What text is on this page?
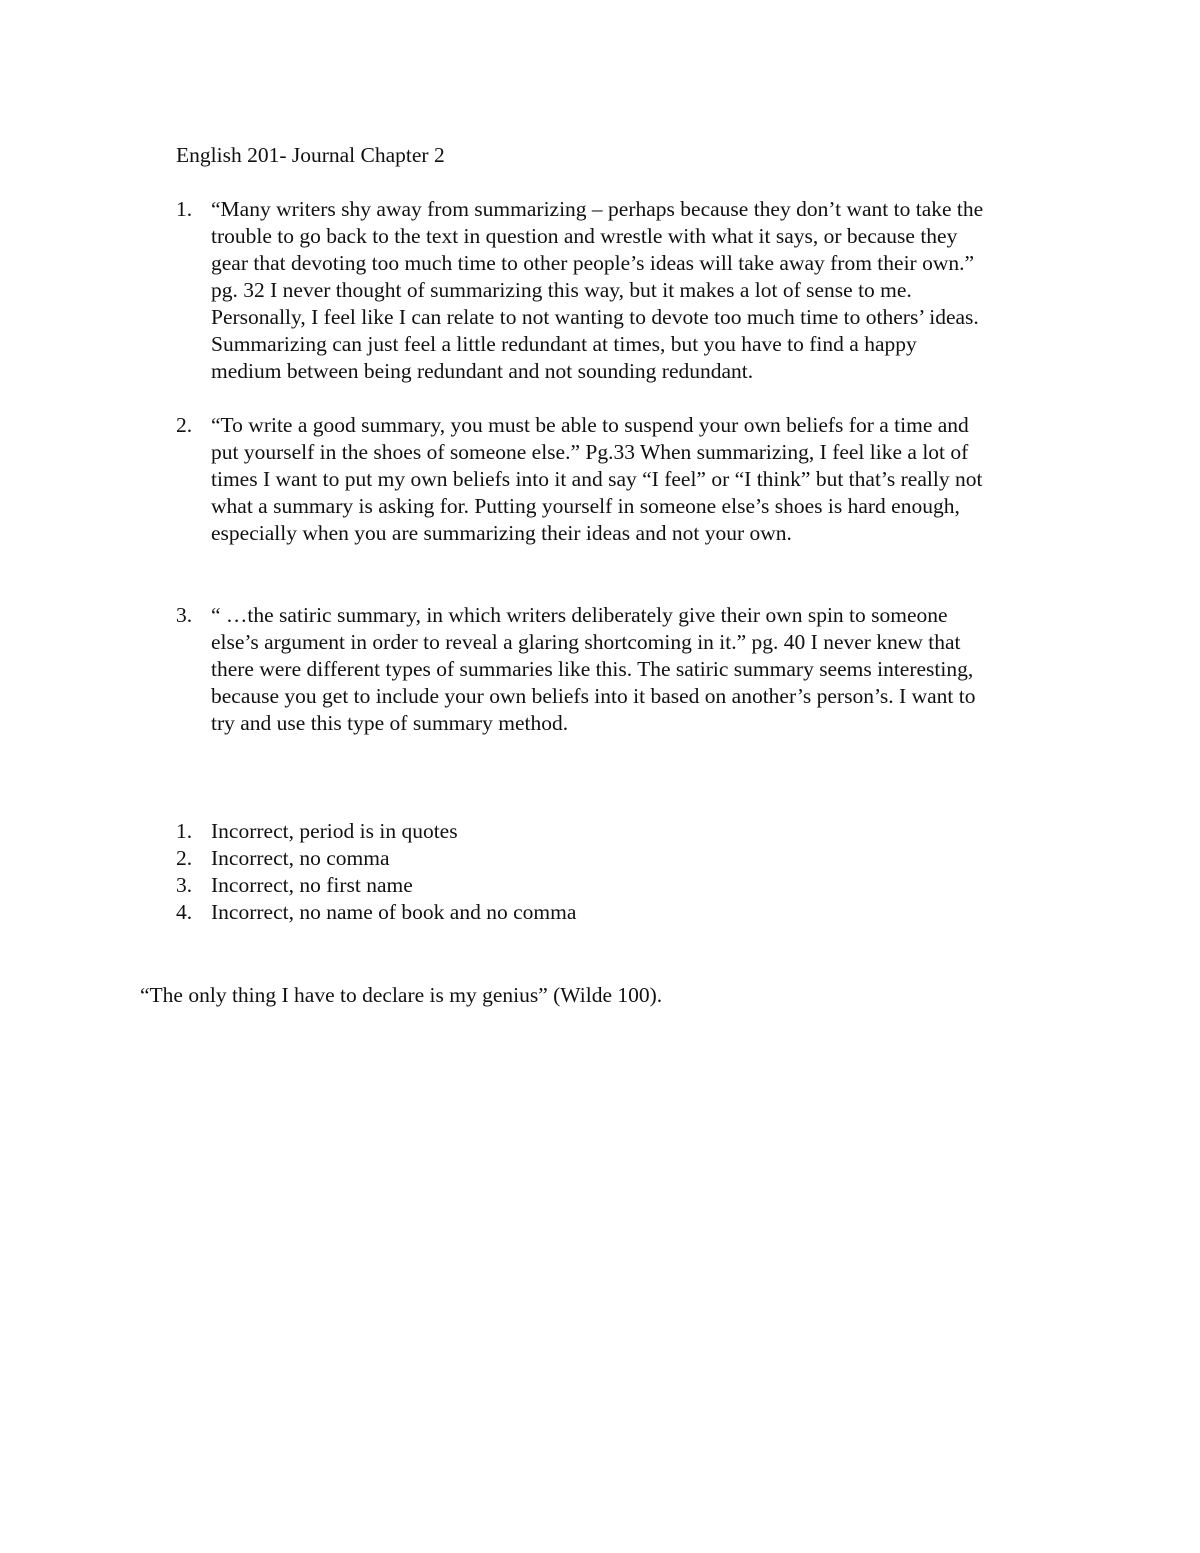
English 201- Journal Chapter 2
1. “Many writers shy away from summarizing – perhaps because they don’t want to take the
trouble to go back to the text in question and wrestle with what it says, or because they
gear that devoting too much time to other people’s ideas will take away from their own.”
pg. 32 I never thought of summarizing this way, but it makes a lot of sense to me.
Personally, I feel like I can relate to not wanting to devote too much time to others’ ideas.
Summarizing can just feel a little redundant at times, but you have to find a happy
medium between being redundant and not sounding redundant.
2. “To write a good summary, you must be able to suspend your own beliefs for a time and
put yourself in the shoes of someone else.” Pg.33 When summarizing, I feel like a lot of
times I want to put my own beliefs into it and say “I feel” or “I think” but that’s really not
what a summary is asking for. Putting yourself in someone else’s shoes is hard enough,
especially when you are summarizing their ideas and not your own.
3. “ …the satiric summary, in which writers deliberately give their own spin to someone
else’s argument in order to reveal a glaring shortcoming in it.” pg. 40 I never knew that
there were different types of summaries like this. The satiric summary seems interesting,
because you get to include your own beliefs into it based on another’s person’s. I want to
try and use this type of summary method.
1. Incorrect, period is in quotes
2. Incorrect, no comma
3. Incorrect, no first name
4. Incorrect, no name of book and no comma
“The only thing I have to declare is my genius” (Wilde 100).
